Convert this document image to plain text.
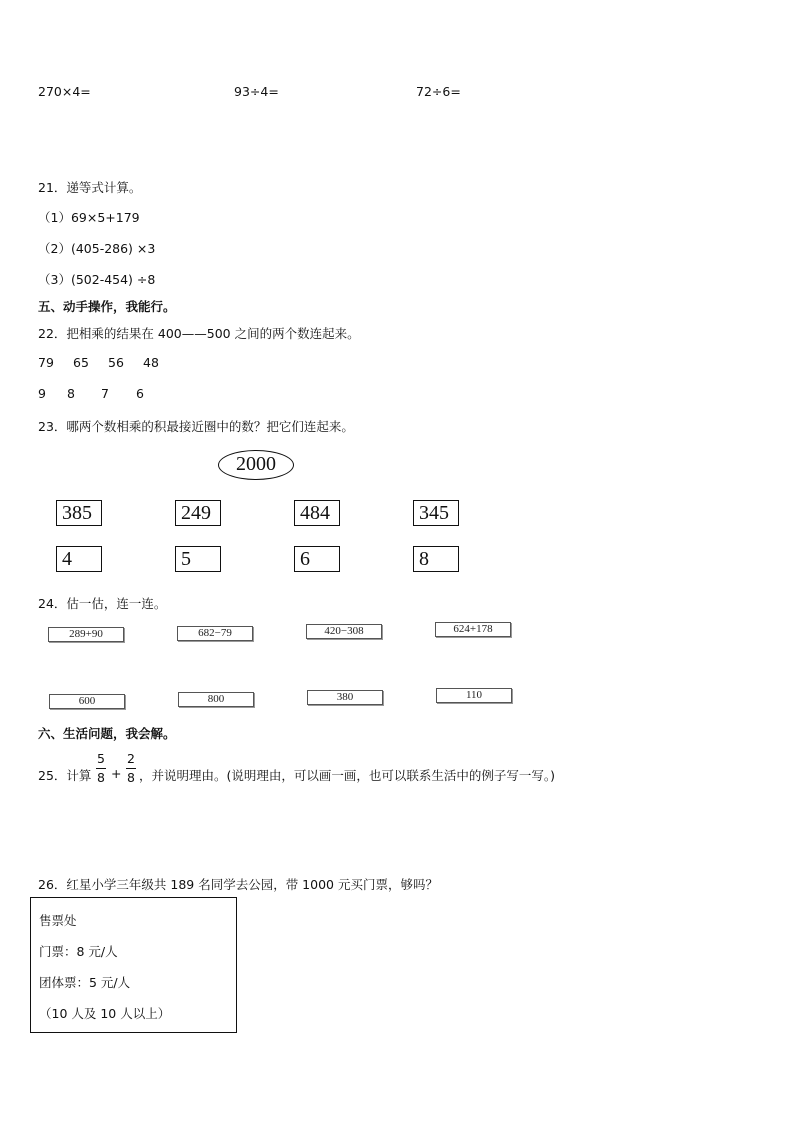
270×4=	93÷4=	72÷6=
21．递等式计算。
（1）69×5+179
（2）(405-286) ×3
（3）(502-454) ÷8
五、动手操作，我能行。
22．把相乘的结果在 400——500 之间的两个数连起来。
79 65 56 48
9 8 7 6
23．哪两个数相乘的积最接近圈中的数？把它们连起来。
2000
385	249	484	345
4	5	6	8
24．估一估，连一连。
289+90	682−79	420−308	624+178
600	800	380	110
六、生活问题，我会解。
25．计算
5
8 +
2
8 ，并说明理由。(说明理由，可以画一画，也可以联系生活中的例子写一写。)
26．红星小学三年级共 189 名同学去公园，带 1000 元买门票，够吗？
售票处
门票：8 元/人
团体票：5 元/人
（10 人及 10 人以上）
